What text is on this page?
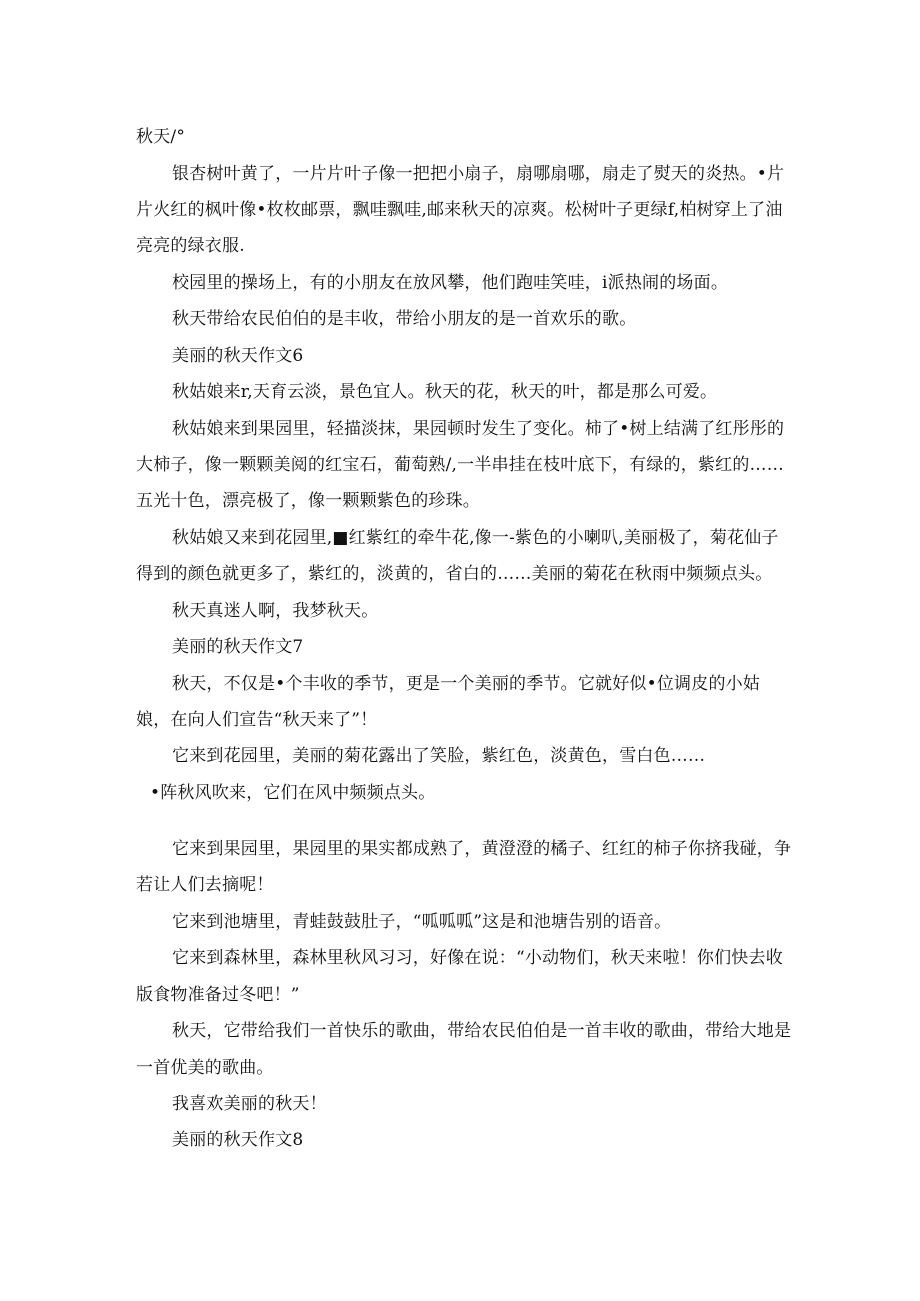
秋天/°
银杏树叶黄了，一片片叶子像一把把小扇子，扇哪扇哪，扇走了熨天的炎热。•片
片火红的枫叶像•枚枚邮票，飘哇飘哇,邮来秋天的凉爽。松树叶子更绿f,柏树穿上了油
亮亮的绿衣服.
校园里的操场上，有的小朋友在放风攀，他们跑哇笑哇，i派热闹的场面。
秋天带给农民伯伯的是丰收，带给小朋友的是一首欢乐的歌。
美丽的秋天作文6
秋姑娘来r,天育云淡，景色宜人。秋天的花，秋天的叶，都是那么可爱。
秋姑娘来到果园里，轻描淡抹，果园顿时发生了变化。柿了•树上结满了红彤彤的
大柿子，像一颗颗美阅的红宝石，葡萄熟/,一半串挂在枝叶底下，有绿的，紫红的……
五光十色，漂亮极了，像一颗颗紫色的珍珠。
秋姑娘又来到花园里,■红紫红的牵牛花,像一-紫色的小喇叭,美丽极了，菊花仙子
得到的颜色就更多了，紫红的，淡黄的，省白的……美丽的菊花在秋雨中频频点头。
秋天真迷人啊，我梦秋天。
美丽的秋天作文7
秋天，不仅是•个丰收的季节，更是一个美丽的季节。它就好似•位调皮的小姑
娘，在向人们宣告“秋天来了”！
它来到花园里，美丽的菊花露出了笑脸，紫红色，淡黄色，雪白色……
•阵秋风吹来，它们在风中频频点头。
它来到果园里，果园里的果实都成熟了，黄澄澄的橘子、红红的柿子你挤我碰，争
若让人们去摘呢！
它来到池塘里，青蛙鼓鼓肚子，“呱呱呱”这是和池塘告别的语音。
它来到森林里，森林里秋风习习，好像在说：“小动物们，秋天来啦！你们快去收
版食物准备过冬吧！”
秋天，它带给我们一首快乐的歌曲，带给农民伯伯是一首丰收的歌曲，带给大地是
一首优美的歌曲。
我喜欢美丽的秋天！
美丽的秋天作文8
